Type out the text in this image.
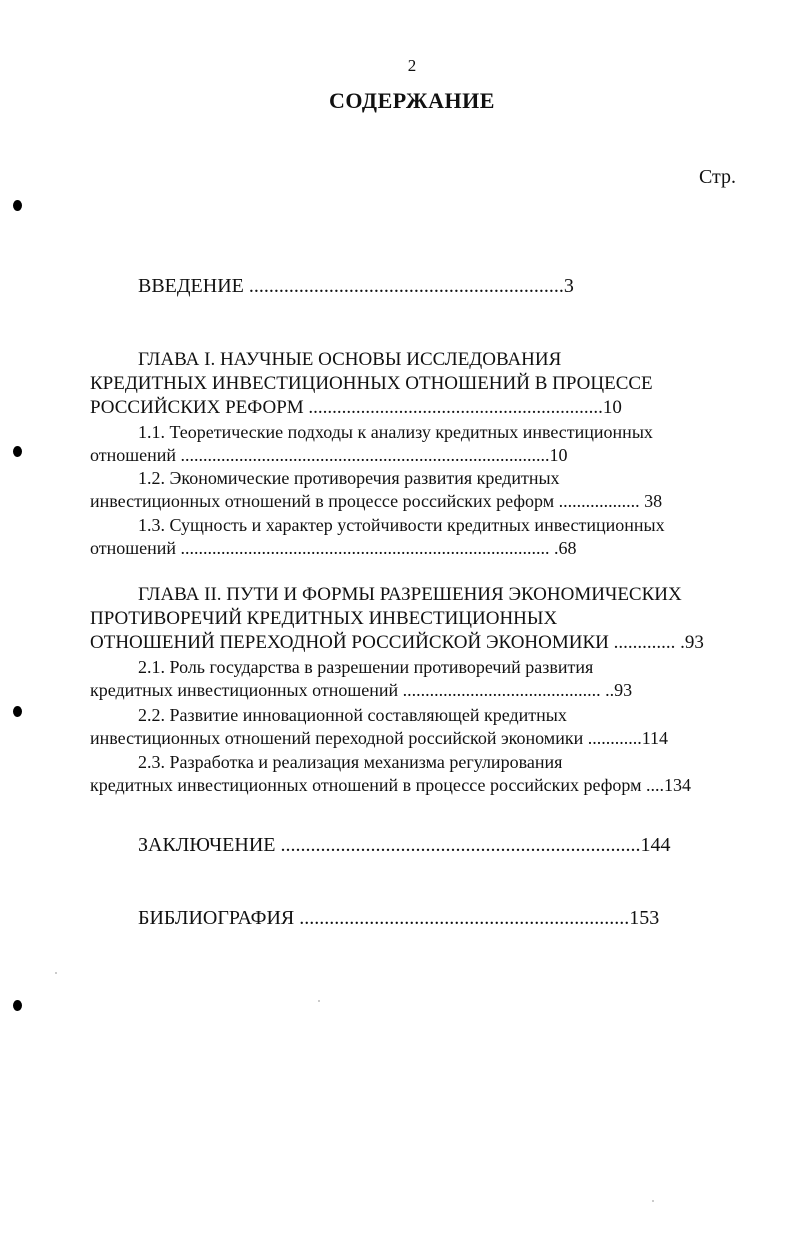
2
СОДЕРЖАНИЕ
Стр.
ВВЕДЕНИЕ ...............................................................3
ГЛАВА I. НАУЧНЫЕ ОСНОВЫ ИССЛЕДОВАНИЯ
КРЕДИТНЫХ ИНВЕСТИЦИОННЫХ ОТНОШЕНИЙ В ПРОЦЕССЕ
РОССИЙСКИХ РЕФОРМ ..............................................................10
1.1. Теоретические подходы к анализу кредитных инвестиционных
отношений ..................................................................................10
1.2. Экономические противоречия развития кредитных
инвестиционных отношений в процессе российских реформ .................. 38
1.3. Сущность и характер устойчивости кредитных инвестиционных
отношений .................................................................................. .68
ГЛАВА II. ПУТИ И ФОРМЫ РАЗРЕШЕНИЯ ЭКОНОМИЧЕСКИХ
ПРОТИВОРЕЧИЙ КРЕДИТНЫХ ИНВЕСТИЦИОННЫХ
ОТНОШЕНИЙ ПЕРЕХОДНОЙ РОССИЙСКОЙ ЭКОНОМИКИ ............. .93
2.1. Роль государства в разрешении противоречий развития
кредитных инвестиционных отношений ............................................ ..93
2.2. Развитие инновационной составляющей кредитных
инвестиционных отношений переходной российской экономики ............114
2.3. Разработка и реализация механизма регулирования
кредитных инвестиционных отношений в процессе российских реформ ....134
ЗАКЛЮЧЕНИЕ ........................................................................144
БИБЛИОГРАФИЯ ..................................................................153
